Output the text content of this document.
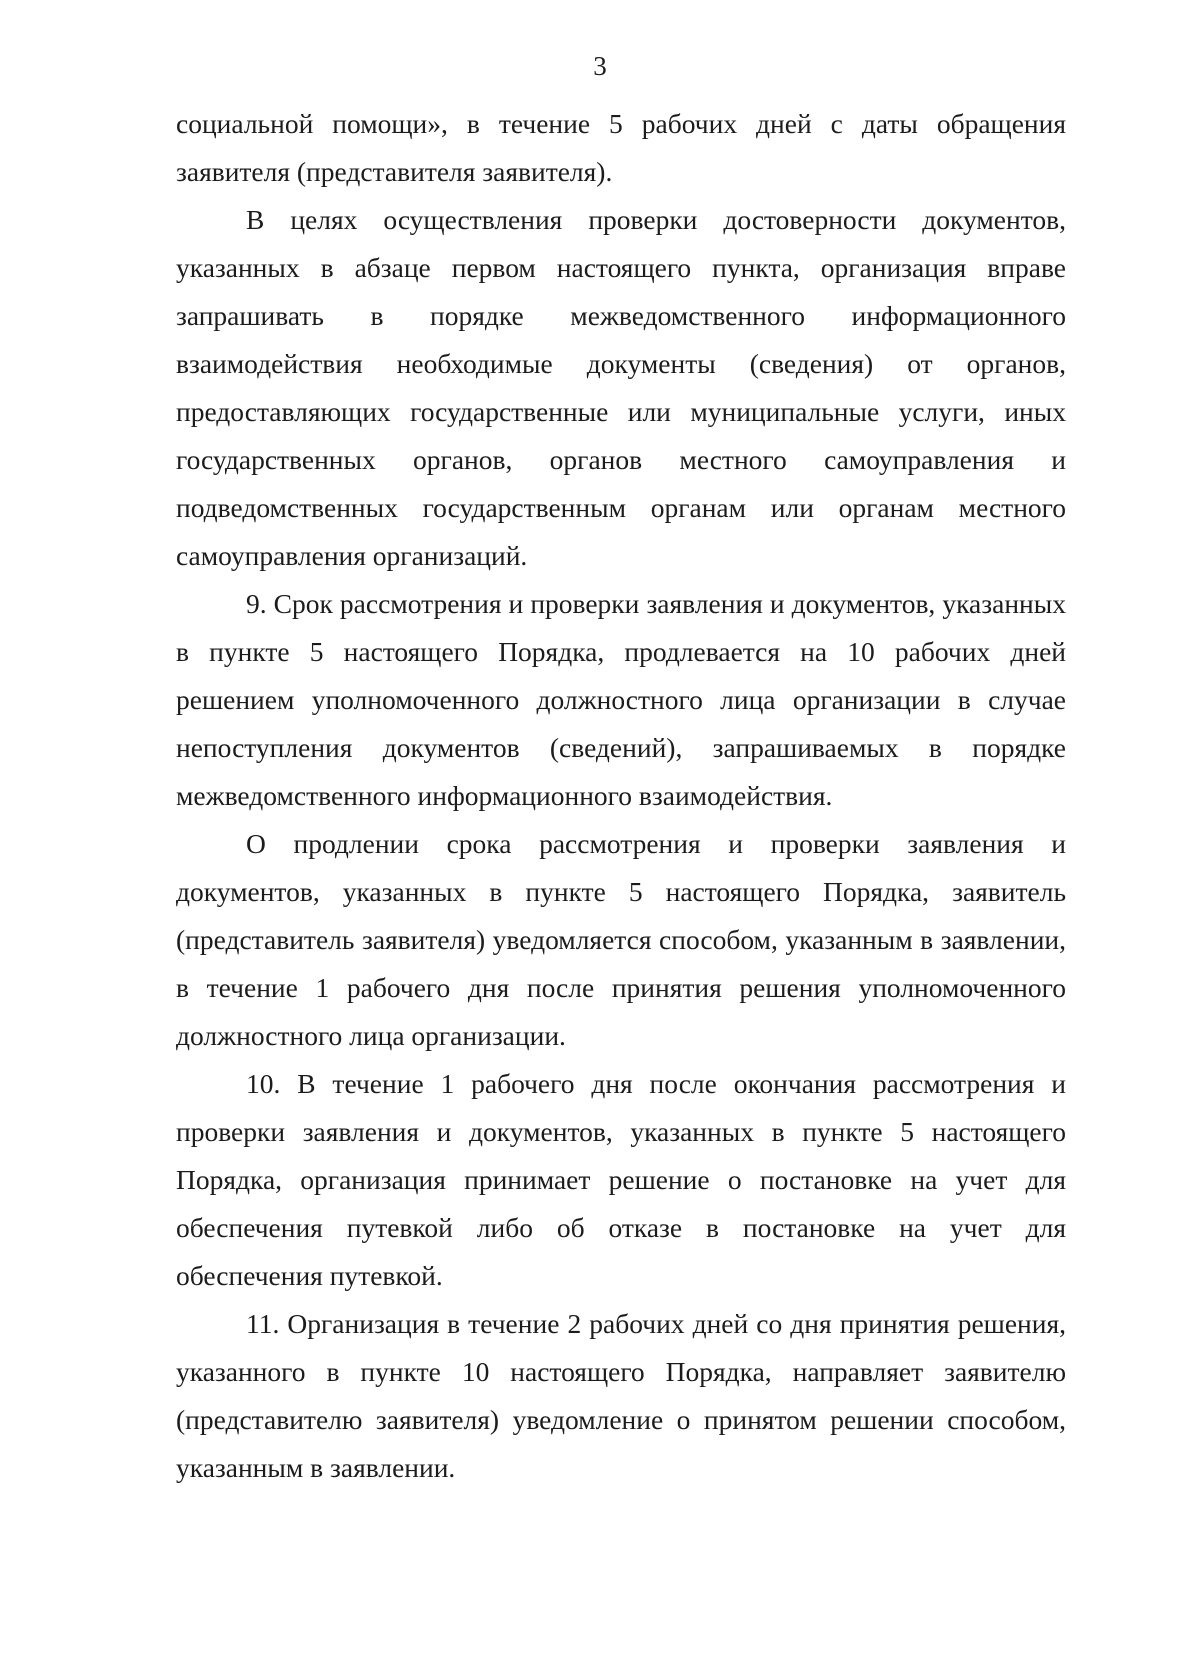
3

социальной помощи», в течение 5 рабочих дней с даты обращения заявителя (представителя заявителя).

В целях осуществления проверки достоверности документов, указанных в абзаце первом настоящего пункта, организация вправе запрашивать в порядке межведомственного информационного взаимодействия необходимые документы (сведения) от органов, предоставляющих государственные или муниципальные услуги, иных государственных органов, органов местного самоуправления и подведомственных государственным органам или органам местного самоуправления организаций.

9. Срок рассмотрения и проверки заявления и документов, указанных в пункте 5 настоящего Порядка, продлевается на 10 рабочих дней решением уполномоченного должностного лица организации в случае непоступления документов (сведений), запрашиваемых в порядке межведомственного информационного взаимодействия.

О продлении срока рассмотрения и проверки заявления и документов, указанных в пункте 5 настоящего Порядка, заявитель (представитель заявителя) уведомляется способом, указанным в заявлении, в течение 1 рабочего дня после принятия решения уполномоченного должностного лица организации.

10. В течение 1 рабочего дня после окончания рассмотрения и проверки заявления и документов, указанных в пункте 5 настоящего Порядка, организация принимает решение о постановке на учет для обеспечения путевкой либо об отказе в постановке на учет для обеспечения путевкой.

11. Организация в течение 2 рабочих дней со дня принятия решения, указанного в пункте 10 настоящего Порядка, направляет заявителю (представителю заявителя) уведомление о принятом решении способом, указанным в заявлении.
